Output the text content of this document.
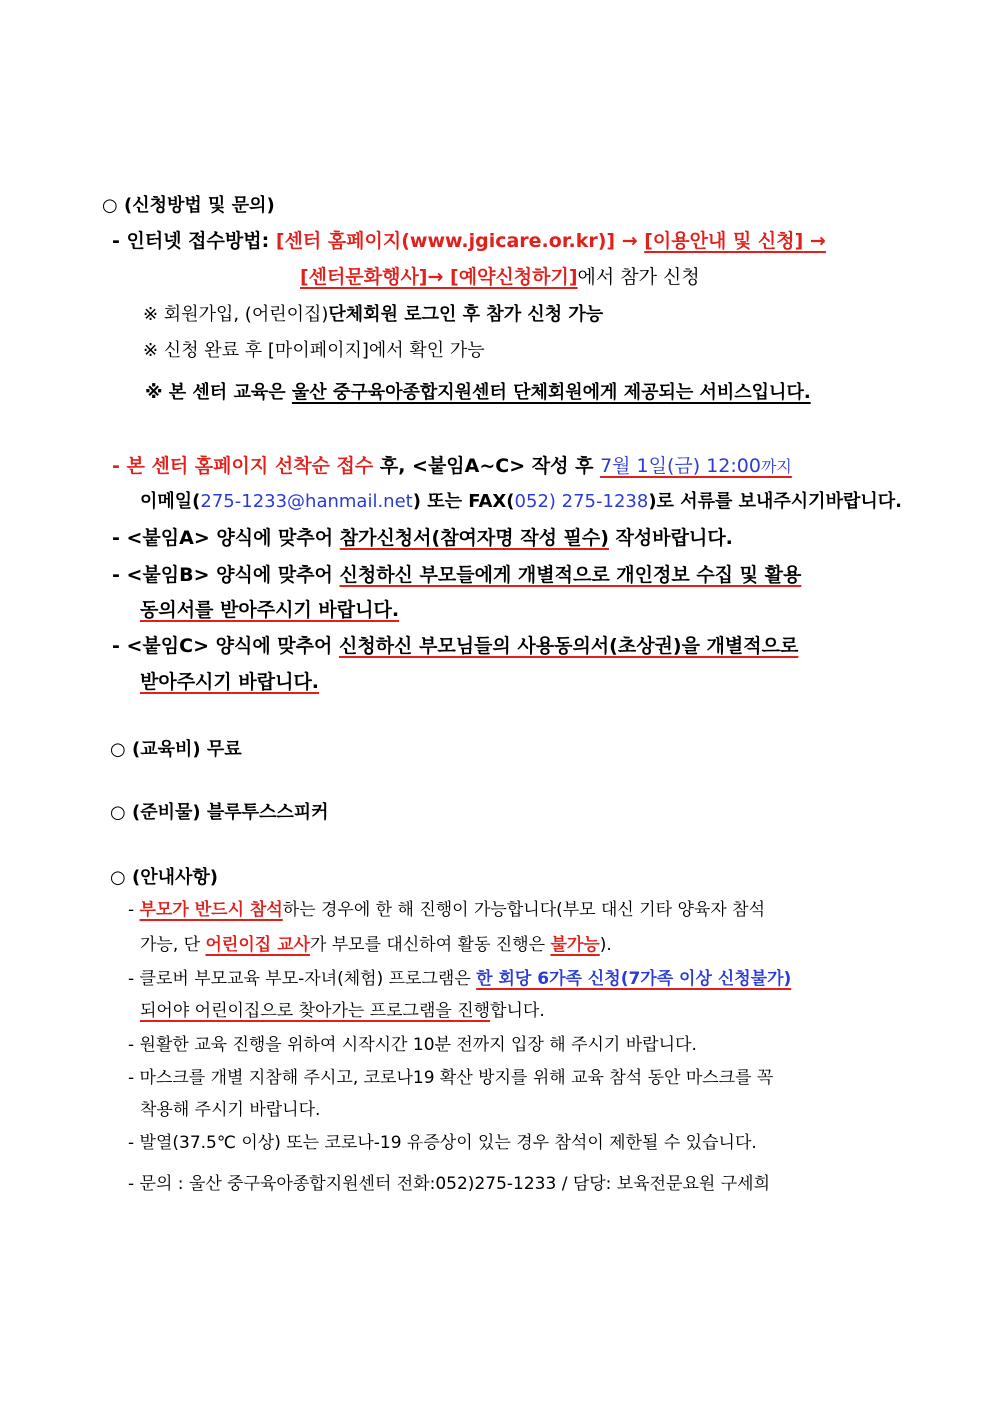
○ (신청방법 및 문의)
- 인터넷 접수방법: [센터 홈페이지(www.jgicare.or.kr)] → [이용안내 및 신청] →
[센터문화행사]→ [예약신청하기]에서 참가 신청
※ 회원가입, (어린이집)단체회원 로그인 후 참가 신청 가능
※ 신청 완료 후 [마이페이지]에서 확인 가능
※ 본 센터 교육은 울산 중구육아종합지원센터 단체회원에게 제공되는 서비스입니다.
- 본 센터 홈페이지 선착순 접수 후, <붙임A~C> 작성 후 7월 1일(금) 12:00까지
이메일(275-1233@hanmail.net) 또는 FAX(052) 275-1238)로 서류를 보내주시기바랍니다.
- <붙임A> 양식에 맞추어 참가신청서(참여자명 작성 필수) 작성바랍니다.
- <붙임B> 양식에 맞추어 신청하신 부모들에게 개별적으로 개인정보 수집 및 활용
동의서를 받아주시기 바랍니다.
- <붙임C> 양식에 맞추어 신청하신 부모님들의 사용동의서(초상권)을 개별적으로
받아주시기 바랍니다.
○ (교육비) 무료
○ (준비물) 블루투스스피커
○ (안내사항)
- 부모가 반드시 참석하는 경우에 한 해 진행이 가능합니다(부모 대신 기타 양육자 참석
가능, 단 어린이집 교사가 부모를 대신하여 활동 진행은 불가능).
- 클로버 부모교육 부모-자녀(체험) 프로그램은 한 회당 6가족 신청(7가족 이상 신청불가)
되어야 어린이집으로 찾아가는 프로그램을 진행합니다.
- 원활한 교육 진행을 위하여 시작시간 10분 전까지 입장 해 주시기 바랍니다.
- 마스크를 개별 지참해 주시고, 코로나19 확산 방지를 위해 교육 참석 동안 마스크를 꼭
착용해 주시기 바랍니다.
- 발열(37.5℃ 이상) 또는 코로나-19 유증상이 있는 경우 참석이 제한될 수 있습니다.
- 문의 : 울산 중구육아종합지원센터 전화:052)275-1233 / 담당: 보육전문요원 구세희
